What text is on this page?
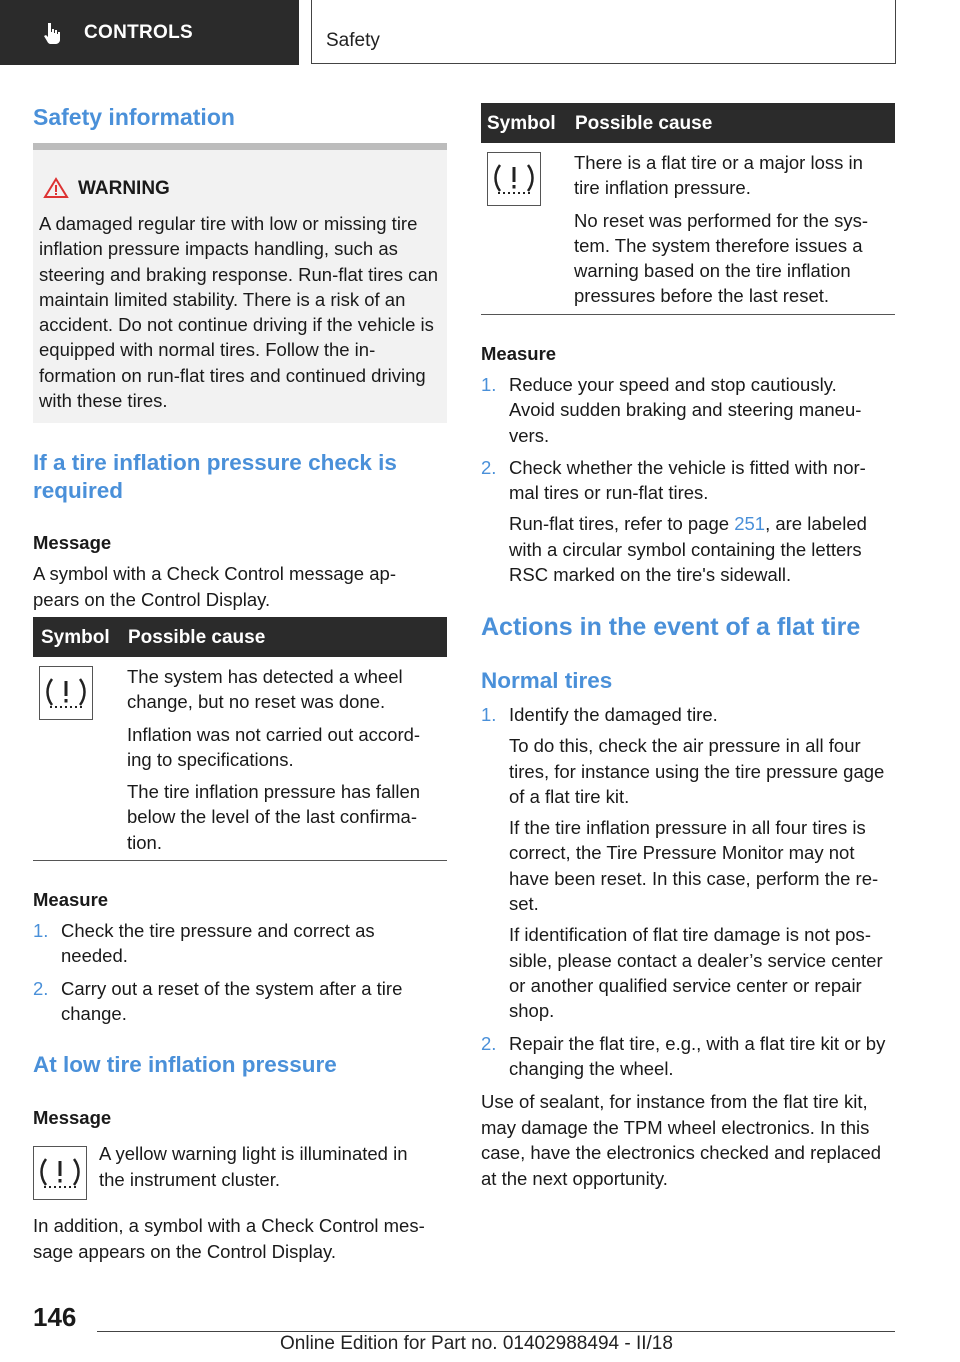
CONTROLS	Safety
Safety information
WARNING
A damaged regular tire with low or missing tire inflation pressure impacts handling, such as steering and braking response. Run-flat tires can maintain limited stability. There is a risk of an accident. Do not continue driving if the vehicle is equipped with normal tires. Follow the information on run-flat tires and continued driving with these tires.
If a tire inflation pressure check is required
Message
A symbol with a Check Control message appears on the Control Display.
Symbol Possible cause

The system has detected a wheel change, but no reset was done.

Inflation was not carried out according to specifications.

The tire inflation pressure has fallen below the level of the last confirmation.

Measure
1. Check the tire pressure and correct as needed.

2. Carry out a reset of the system after a tire change.

At low tire inflation pressure
Message
A yellow warning light is illuminated in the instrument cluster.
In addition, a symbol with a Check Control message appears on the Control Display.
Symbol Possible cause

There is a flat tire or a major loss in tire inflation pressure.

No reset was performed for the system. The system therefore issues a warning based on the tire inflation pressures before the last reset.

Measure
1. Reduce your speed and stop cautiously. Avoid sudden braking and steering maneuvers.

2. Check whether the vehicle is fitted with normal tires or run-flat tires.

Run-flat tires, refer to page 251, are labeled with a circular symbol containing the letters RSC marked on the tire's sidewall.

Actions in the event of a flat tire
Normal tires
1. Identify the damaged tire.

To do this, check the air pressure in all four tires, for instance using the tire pressure gage of a flat tire kit.

If the tire inflation pressure in all four tires is correct, the Tire Pressure Monitor may not have been reset. In this case, perform the reset.

If identification of flat tire damage is not possible, please contact a dealer’s service center or another qualified service center or repair shop.

2. Repair the flat tire, e.g., with a flat tire kit or by changing the wheel.

Use of sealant, for instance from the flat tire kit, may damage the TPM wheel electronics. In this case, have the electronics checked and replaced at the next opportunity.
146
Online Edition for Part no. 01402988494 - II/18
